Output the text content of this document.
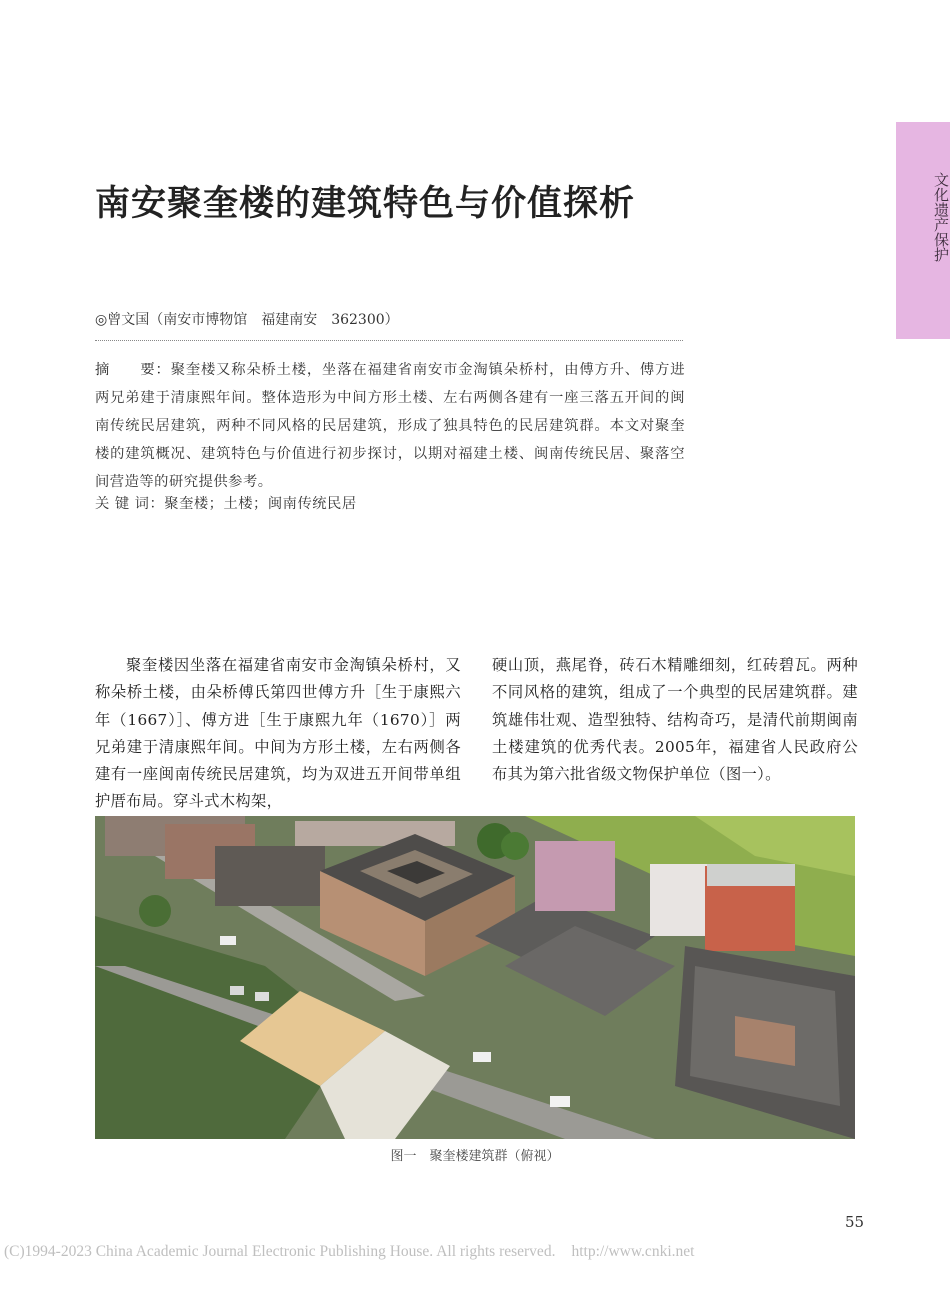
文化遗产保护
南安聚奎楼的建筑特色与价值探析
◎曾文国（南安市博物馆　福建南安　362300）
摘　　要：聚奎楼又称朵桥土楼，坐落在福建省南安市金淘镇朵桥村，由傅方升、傅方进两兄弟建于清康熙年间。整体造形为中间方形土楼、左右两侧各建有一座三落五开间的闽南传统民居建筑，两种不同风格的民居建筑，形成了独具特色的民居建筑群。本文对聚奎楼的建筑概况、建筑特色与价值进行初步探讨，以期对福建土楼、闽南传统民居、聚落空间营造等的研究提供参考。
关 键 词：聚奎楼；土楼；闽南传统民居
聚奎楼因坐落在福建省南安市金淘镇朵桥村，又称朵桥土楼，由朵桥傅氏第四世傅方升［生于康熙六年（1667）］、傅方进［生于康熙九年（1670）］两兄弟建于清康熙年间。中间为方形土楼，左右两侧各建有一座闽南传统民居建筑，均为双进五开间带单组护厝布局。穿斗式木构架，
硬山顶，燕尾脊，砖石木精雕细刻，红砖碧瓦。两种不同风格的建筑，组成了一个典型的民居建筑群。建筑雄伟壮观、造型独特、结构奇巧，是清代前期闽南土楼建筑的优秀代表。2005年，福建省人民政府公布其为第六批省级文物保护单位（图一）。
图一　聚奎楼建筑群（俯视）
55
(C)1994-2023 China Academic Journal Electronic Publishing House. All rights reserved. http://www.cnki.net
